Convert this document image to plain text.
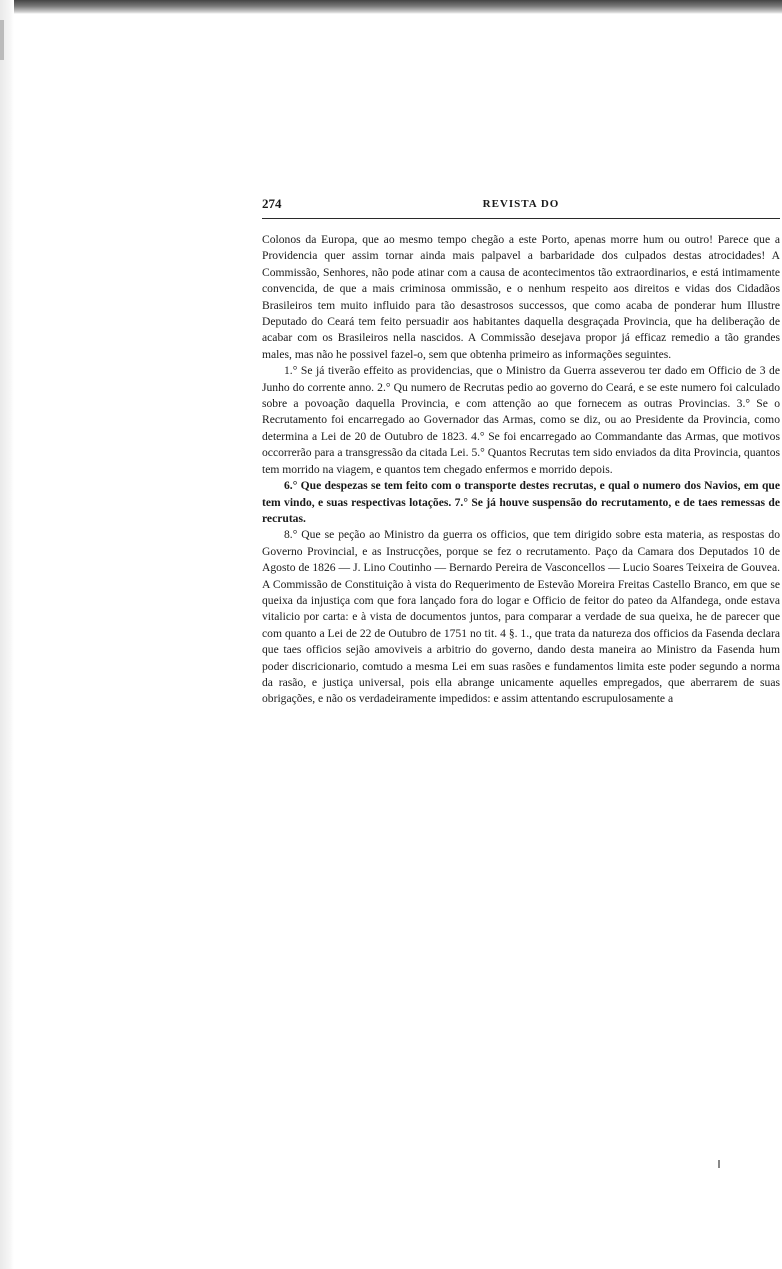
274	REVISTA DO

Colonos da Europa, que ao mesmo tempo chegão a este Porto, apenas morre hum ou outro! Parece que a Providencia quer assim tornar ainda mais palpavel a barbaridade dos culpados destas atrocidades! A Commissão, Senhores, não pode atinar com a causa de acontecimentos tão extraordinarios, e está intimamente convencida, de que a mais criminosa ommissão, e o nenhum respeito aos direitos e vidas dos Cidadãos Brasileiros tem muito influido para tão desastrosos successos, que como acaba de ponderar hum Illustre Deputado do Ceará tem feito persuadir aos habitantes daquella desgraçada Provincia, que ha deliberação de acabar com os Brasileiros nella nascidos. A Commissão desejava propor já efficaz remedio a tão grandes males, mas não he possivel fazel-o, sem que obtenha primeiro as informações seguintes.

1.° Se já tiverão effeito as providencias, que o Ministro da Guerra asseverou ter dado em Officio de 3 de Junho do corrente anno. 2.° Qu numero de Recrutas pedio ao governo do Ceará, e se este numero foi calculado sobre a povoação daquella Provincia, e com attenção ao que fornecem as outras Provincias. 3.° Se o Recrutamento foi encarregado ao Governador das Armas, como se diz, ou ao Presidente da Provincia, como determina a Lei de 20 de Outubro de 1823. 4.° Se foi encarregado ao Commandante das Armas, que motivos occorrerão para a transgressão da citada Lei. 5.° Quantos Recrutas tem sido enviados da dita Provincia, quantos tem morrido na viagem, e quantos tem chegado enfermos e morrido depois.

6.° Que despezas se tem feito com o transporte destes recrutas, e qual o numero dos Navios, em que tem vindo, e suas respectivas lotações. 7.° Se já houve suspensão do recrutamento, e de taes remessas de recrutas.

8.° Que se peção ao Ministro da guerra os officios, que tem dirigido sobre esta materia, as respostas do Governo Provincial, e as Instrucções, porque se fez o recrutamento. Paço da Camara dos Deputados 10 de Agosto de 1826 — J. Lino Coutinho — Bernardo Pereira de Vasconcellos — Lucio Soares Teixeira de Gouvea. A Commissão de Constituição à vista do Requerimento de Estevão Moreira Freitas Castello Branco, em que se queixa da injustiça com que fora lançado fora do logar e Officio de feitor do pateo da Alfandega, onde estava vitalicio por carta: e à vista de documentos juntos, para comparar a verdade de sua queixa, he de parecer que com quanto a Lei de 22 de Outubro de 1751 no tit. 4 §. 1., que trata da natureza dos officios da Fasenda declara que taes officios sejão amoviveis a arbitrio do governo, dando desta maneira ao Ministro da Fasenda hum poder discricionario, comtudo a mesma Lei em suas rasões e fundamentos limita este poder segundo a norma da rasão, e justiça universal, pois ella abrange unicamente aquelles empregados, que aberrarem de suas obrigações, e não os verdadeiramente impedidos: e assim attentando escrupulosamente a
